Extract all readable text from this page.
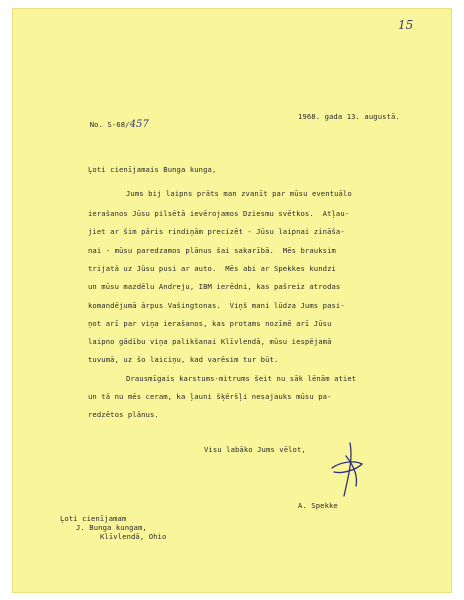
15

No. S-68/457

1968. gada 13. augustā.
Ļoti cienījamais Bunga kunga,
Jums bij laipns prāts man zvanīt par mūsu eventuālo
ierašanos Jūsu pilsētā ievērojamos Dziesmu svētkos.  Atļau-
jiet ar šim pāris rindiņām precizēt - Jūsu laipnai zināša-
nai - mūsu paredzamos plānus šai sakarībā.  Mēs brauksim
trijatā uz Jūsu pusi ar auto.  Mēs abi ar Spekkes kundzi
un mūsu mazdēlu Andreju, IBM ierēdni, kas pašreiz atrodas
komandējumā ārpus Vašingtonas.  Viņš mani lūdza Jums pasi-
ņot arī par viņa ierašanos, kas protams nozīmē arī Jūsu
laipno gādību viņa palikšanai Klīvlendā, mūsu iespējamā
tuvumā, uz šo laiciņu, kad varēsim tur būt.
Drausmīgais karstums-mitrums šeit nu sāk lēnām atiet
un tā nu mēs ceram, ka ļauni šķēršļi nesajauks mūsu pa-
redzētos plānus.
Visu labāko Jums vēlot,
A. Spekke
Ļoti cienījamam
J. Bunga kungam,
Klīvlendā, Ohio
